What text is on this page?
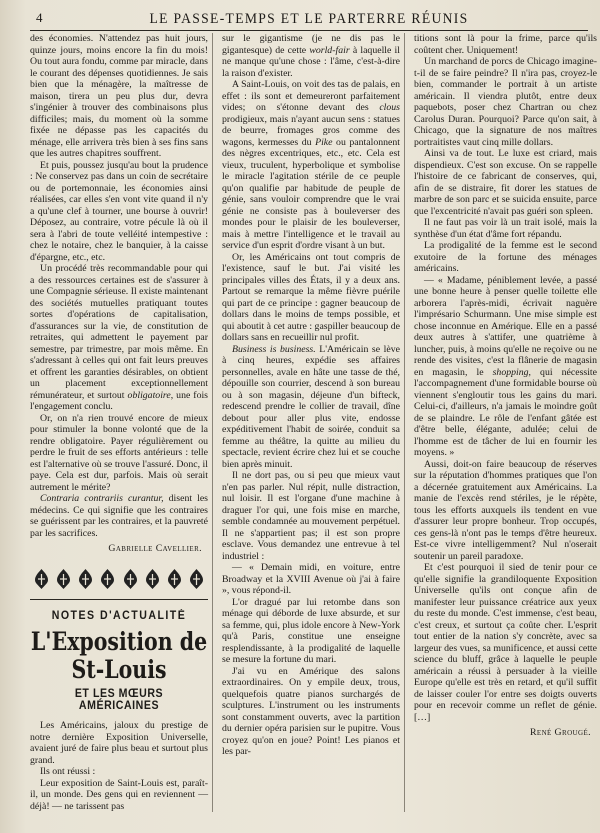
4	LE PASSE-TEMPS ET LE PARTERRE RÉUNIS

des économies. N'attendez pas huit jours, quinze jours, moins encore la fin du mois! Ou tout aura fondu, comme par miracle, dans le courant des dépenses quotidiennes. Je sais bien que la ménagère, la maîtresse de maison, tirera un peu plus dur, devra s'ingénier à trouver des combinaisons plus difficiles; mais, du moment où la somme fixée ne dépasse pas les capacités du ménage, elle arrivera très bien à ses fins sans que les autres chapitres souffrent.

Et puis, poussez jusqu'au bout la prudence : Ne conservez pas dans un coin de secrétaire ou de portemonnaie, les économies ainsi réalisées, car elles s'en vont vite quand il n'y a qu'une clef à tourner, une bourse à ouvrir! Déposez, au contraire, votre pécule là où il sera à l'abri de toute velléité intempestive : chez le notaire, chez le banquier, à la caisse d'épargne, etc., etc.

Un procédé très recommandable pour qui a des ressources certaines est de s'assurer à une Compagnie sérieuse. Il existe maintenant des sociétés mutuelles pratiquant toutes sortes d'opérations de capitalisation, d'assurances sur la vie, de constitution de retraites, qui admettent le payement par semestre, par trimestre, par mois même. En s'adressant à celles qui ont fait leurs preuves et offrent les garanties désirables, on obtient un placement exceptionnellement rémunérateur, et surtout obligatoire, une fois l'engagement conclu.

Or, on n'a rien trouvé encore de mieux pour stimuler la bonne volonté que de la rendre obligatoire. Payer régulièrement ou perdre le fruit de ses efforts antérieurs : telle est l'alternative où se trouve l'assuré. Donc, il paye. Cela est dur, parfois. Mais où serait autrement le mérite?

Contraria contrariis curantur, disent les médecins. Ce qui signifie que les contraires se guérissent par les contraires, et la pauvreté par les sacrifices.

Gabrielle Cavellier.
NOTES D'ACTUALITÉ
L'Exposition de St-Louis
ET LES MŒURS AMÉRICAINES

Les Américains, jaloux du prestige de notre dernière Exposition Universelle, avaient juré de faire plus beau et surtout plus grand.

Ils ont réussi :

Leur exposition de Saint-Louis est, paraît-il, un monde. Des gens qui en reviennent — déjà! — ne tarissent pas

sur le gigantisme (je ne dis pas le gigantesque) de cette world-fair à laquelle il ne manque qu'une chose : l'âme, c'est-à-dire la raison d'exister.

A Saint-Louis, on voit des tas de palais, en effet : ils sont et demeureront parfaitement vides; on s'étonne devant des clous prodigieux, mais n'ayant aucun sens : statues de beurre, fromages gros comme des wagons, kermesses du Pike ou pantalonnent des nègres excentriques, etc., etc. Cela est vieux, truculent, hyperbolique et symbolise le miracle l'agitation stérile de ce peuple qu'on qualifie par habitude de peuple de génie, sans vouloir comprendre que le vrai génie ne consiste pas à bouleverser des mondes pour le plaisir de les bouleverser, mais à mettre l'intelligence et le travail au service d'un esprit d'ordre visant à un but.

Or, les Américains ont tout compris de l'existence, sauf le but. J'ai visité les principales villes des États, il y a deux ans. Partout se remarque la même fièvre puérile qui part de ce principe : gagner beaucoup de dollars dans le moins de temps possible, et qui aboutit à cet autre : gaspiller beaucoup de dollars sans en recueillir nul profit.

Business is business. L'Américain se lève à cinq heures, expédie ses affaires personnelles, avale en hâte une tasse de thé, dépouille son courrier, descend à son bureau ou à son magasin, déjeune d'un bifteck, redescend prendre le collier de travail, dîne debout pour aller plus vite, endosse expéditivement l'habit de soirée, conduit sa femme au théâtre, la quitte au milieu du spectacle, revient écrire chez lui et se couche bien après minuit.

Il ne dort pas, ou si peu que mieux vaut n'en pas parler. Nul répit, nulle distraction, nul loisir. Il est l'organe d'une machine à draguer l'or qui, une fois mise en marche, semble condamnée au mouvement perpétuel. Il ne s'appartient pas; il est son propre esclave. Vous demandez une entrevue à tel industriel :

— « Demain midi, en voiture, entre Broadway et la XVIII Avenue où j'ai à faire », vous répond-il.

L'or dragué par lui retombe dans son ménage qui déborde de luxe absurde, et sur sa femme, qui, plus idole encore à New-York qu'à Paris, constitue une enseigne resplendissante, à la prodigalité de laquelle se mesure la fortune du mari.

J'ai vu en Amérique des salons extraordinaires. On y empile deux, trous, quelquefois quatre pianos surchargés de sculptures. L'instrument ou les instruments sont constamment ouverts, avec la partition du dernier opéra parisien sur le pupitre. Vous croyez qu'on en joue? Point! Les pianos et les par-

titions sont là pour la frime, parce qu'ils coûtent cher. Uniquement!

Un marchand de porcs de Chicago imagine-t-il de se faire peindre? Il n'ira pas, croyez-le bien, commander le portrait à un artiste américain. Il viendra plutôt, entre deux paquebots, poser chez Chartran ou chez Carolus Duran. Pourquoi? Parce qu'on sait, à Chicago, que la signature de nos maîtres portraitistes vaut cinq mille dollars.

Ainsi va de tout. Le luxe est criard, mais dispendieux. C'est son excuse. On se rappelle l'histoire de ce fabricant de conserves, qui, afin de se distraire, fit dorer les statues de marbre de son parc et se suicida ensuite, parce que l'excentricité n'avait pas guéri son spleen.

Il ne faut pas voir là un trait isolé, mais la synthèse d'un état d'âme fort répandu.

La prodigalité de la femme est le second exutoire de la fortune des ménages américains.

— « Madame, péniblement levée, a passé une bonne heure à penser quelle toilette elle arborera l'après-midi, écrivait naguère l'imprésario Schurmann. Une mise simple est chose inconnue en Amérique. Elle en a passé deux autres à s'attifer, une quatrième à luncher, puis, à moins qu'elle ne reçoive ou ne rende des visites, c'est la flânerie de magasin en magasin, le shopping, qui nécessite l'accompagnement d'une formidable bourse où viennent s'engloutir tous les gains du mari. Celui-ci, d'ailleurs, n'a jamais le moindre goût de se plaindre. Le rôle de l'enfant gâtée est d'être belle, élégante, adulée; celui de l'homme est de tâcher de lui en fournir les moyens. »

Aussi, doit-on faire beaucoup de réserves sur la réputation d'hommes pratiques que l'on a décernée gratuitement aux Américains. La manie de l'excès rend stériles, je le répète, tous les efforts auxquels ils tendent en vue d'assurer leur propre bonheur. Trop occupés, ces gens-là n'ont pas le temps d'être heureux. Est-ce vivre intelligemment? Nul n'oserait soutenir un pareil paradoxe.

Et c'est pourquoi il sied de tenir pour ce qu'elle signifie la grandiloquente Exposition Universelle qu'ils ont conçue afin de manifester leur puissance créatrice aux yeux du reste du monde. C'est immense, c'est beau, c'est creux, et surtout ça coûte cher. L'esprit tout entier de la nation s'y concrète, avec sa largeur des vues, sa munificence, et aussi cette science du bluff, grâce à laquelle le peuple américain a réussi à persuader à la vieille Europe qu'elle est très en retard, et qu'il suffit de laisser couler l'or entre ses doigts ouverts pour en recevoir comme un reflet de génie. […]

René Grougé.
